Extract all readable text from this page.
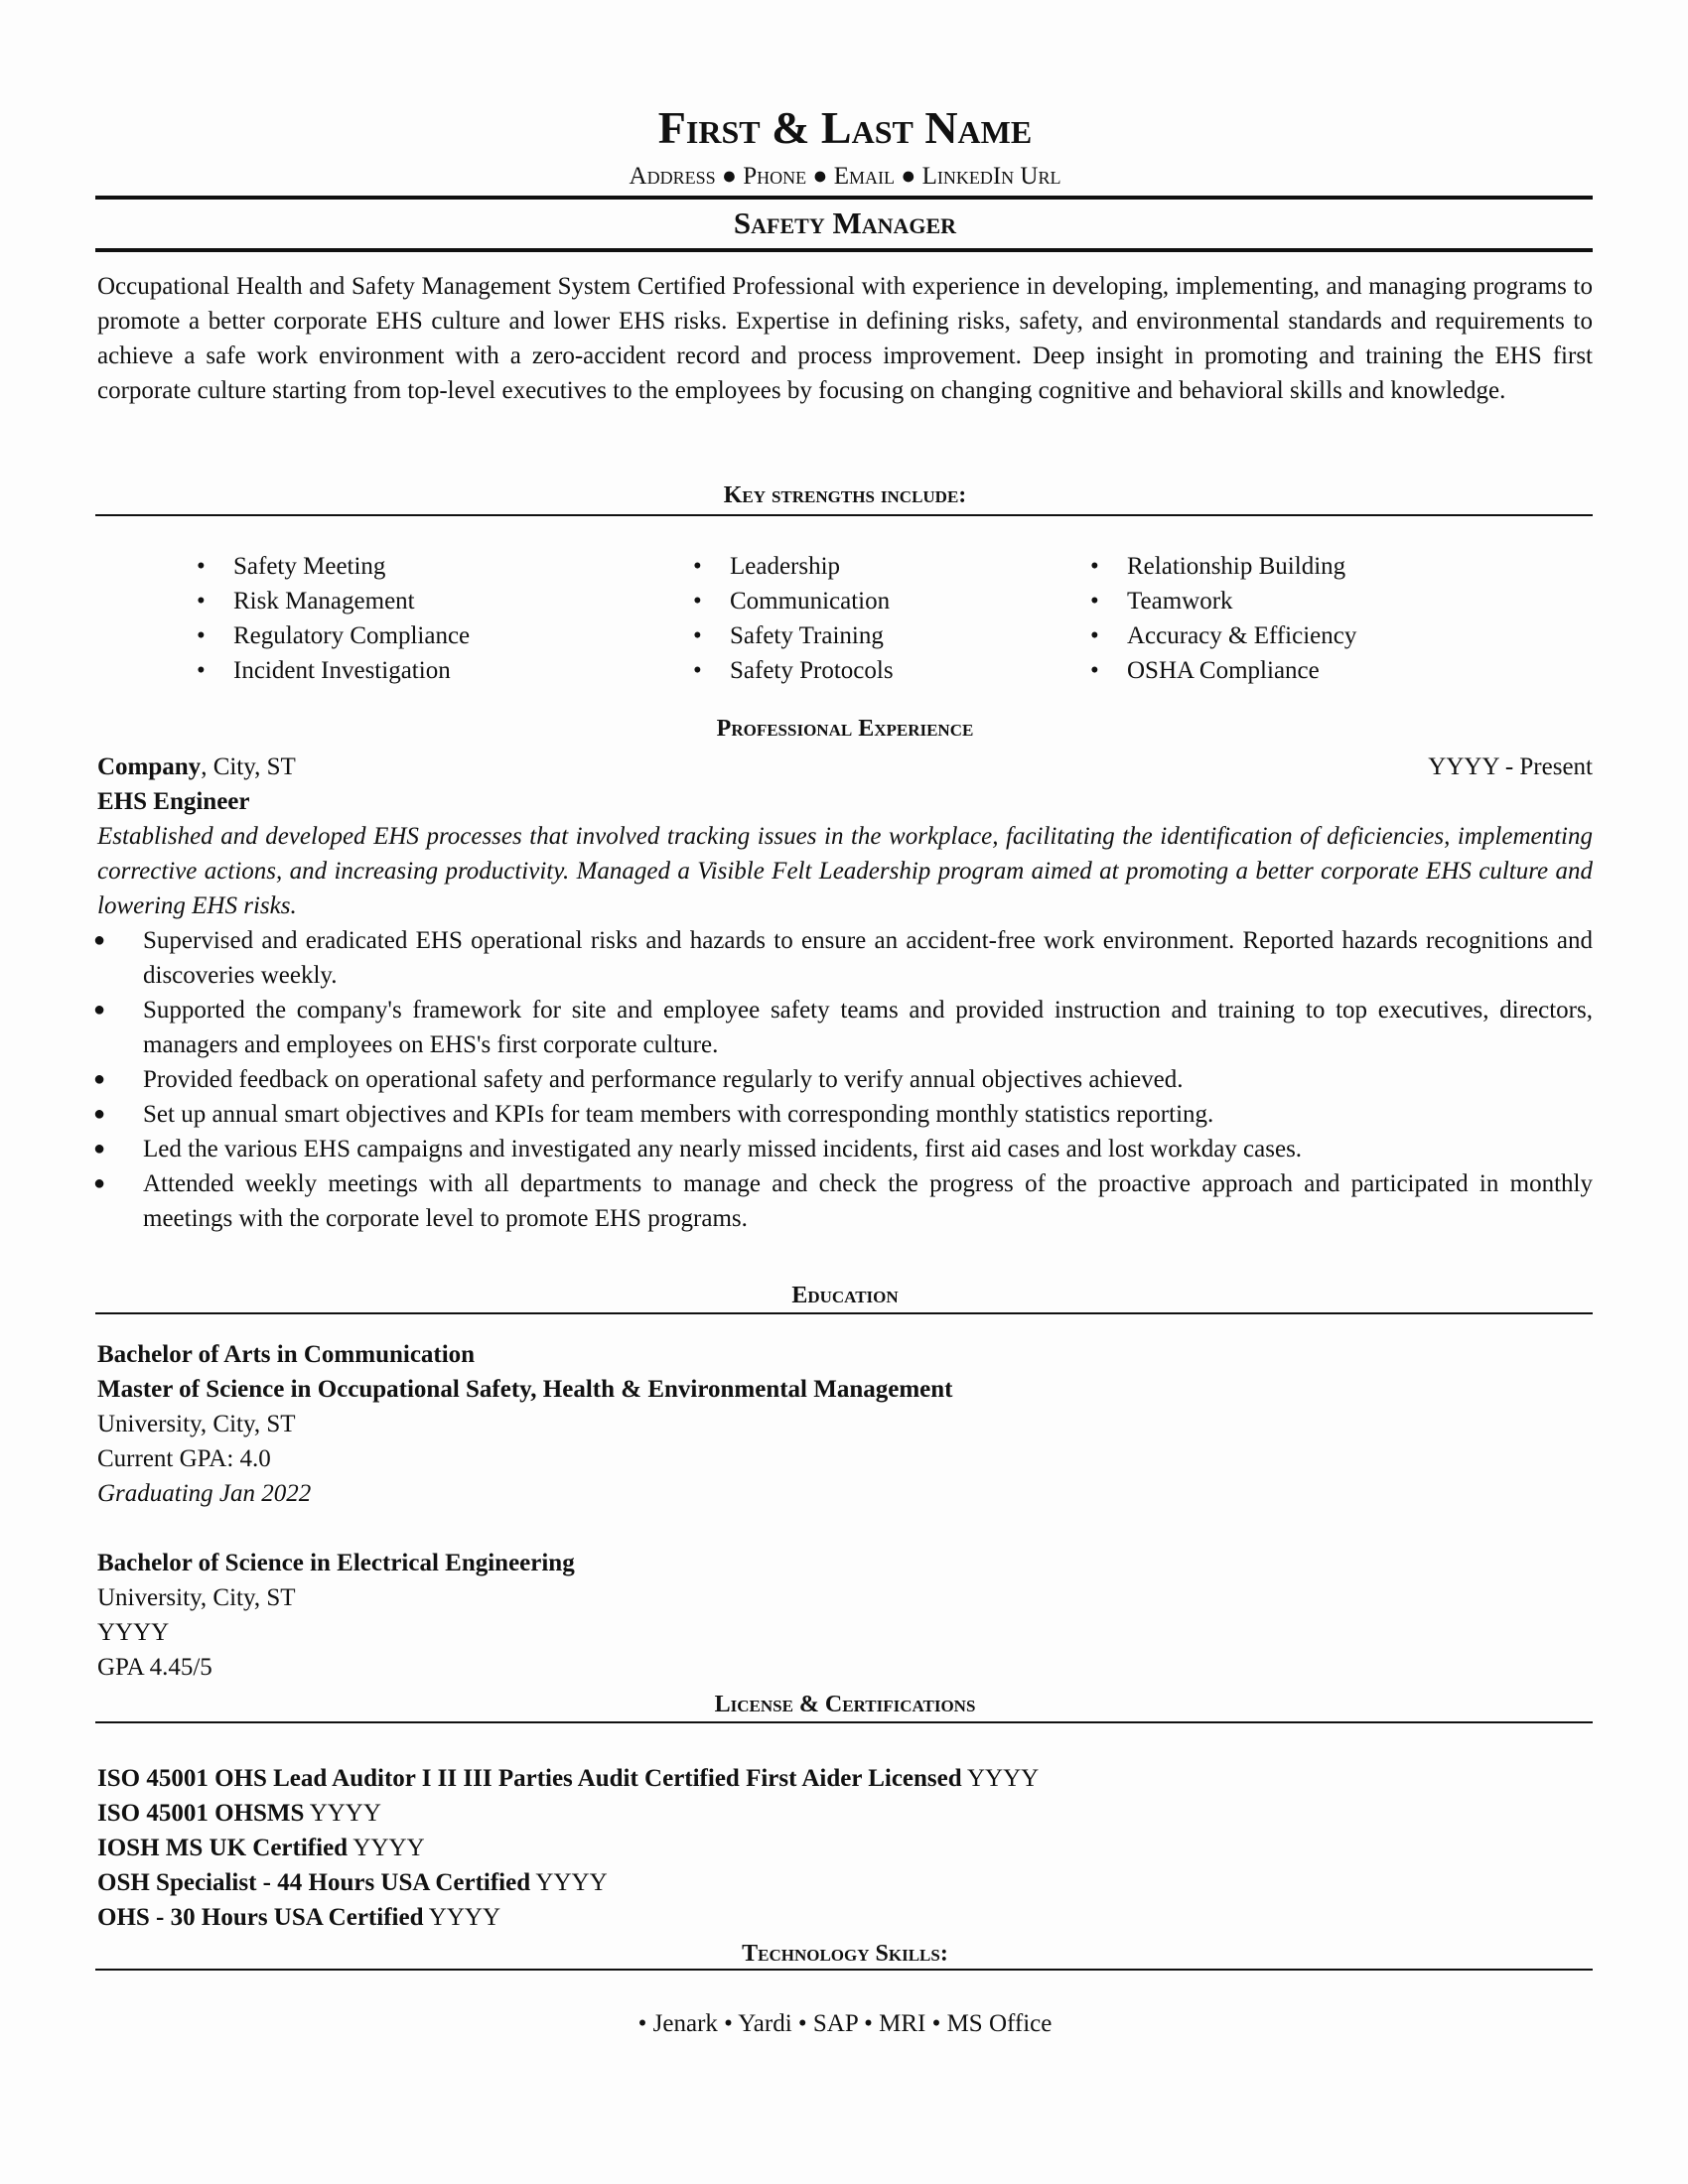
First & Last Name
Address ● Phone ● Email ● LinkedIn Url
Safety Manager
Occupational Health and Safety Management System Certified Professional with experience in developing, implementing, and managing programs to promote a better corporate EHS culture and lower EHS risks. Expertise in defining risks, safety, and environmental standards and requirements to achieve a safe work environment with a zero-accident record and process improvement. Deep insight in promoting and training the EHS first corporate culture starting from top-level executives to the employees by focusing on changing cognitive and behavioral skills and knowledge.
Key strengths include:
• Safety Meeting
• Risk Management
• Regulatory Compliance
• Incident Investigation
• Leadership
• Communication
• Safety Training
• Safety Protocols
• Relationship Building
• Teamwork
• Accuracy & Efficiency
• OSHA Compliance
Professional Experience
Company, City, ST	YYYY - Present
EHS Engineer
Established and developed EHS processes that involved tracking issues in the workplace, facilitating the identification of deficiencies, implementing corrective actions, and increasing productivity. Managed a Visible Felt Leadership program aimed at promoting a better corporate EHS culture and lowering EHS risks.
● Supervised and eradicated EHS operational risks and hazards to ensure an accident-free work environment. Reported hazards recognitions and discoveries weekly.
● Supported the company's framework for site and employee safety teams and provided instruction and training to top executives, directors, managers and employees on EHS's first corporate culture.
● Provided feedback on operational safety and performance regularly to verify annual objectives achieved.
● Set up annual smart objectives and KPIs for team members with corresponding monthly statistics reporting.
● Led the various EHS campaigns and investigated any nearly missed incidents, first aid cases and lost workday cases.
● Attended weekly meetings with all departments to manage and check the progress of the proactive approach and participated in monthly meetings with the corporate level to promote EHS programs.
Education
Bachelor of Arts in Communication
Master of Science in Occupational Safety, Health & Environmental Management
University, City, ST
Current GPA: 4.0
Graduating Jan 2022
Bachelor of Science in Electrical Engineering
University, City, ST
YYYY
GPA 4.45/5
License & Certifications
ISO 45001 OHS Lead Auditor I II III Parties Audit Certified First Aider Licensed YYYY
ISO 45001 OHSMS YYYY
IOSH MS UK Certified YYYY
OSH Specialist - 44 Hours USA Certified YYYY
OHS - 30 Hours USA Certified YYYY
Technology Skills:
• Jenark • Yardi • SAP • MRI • MS Office
